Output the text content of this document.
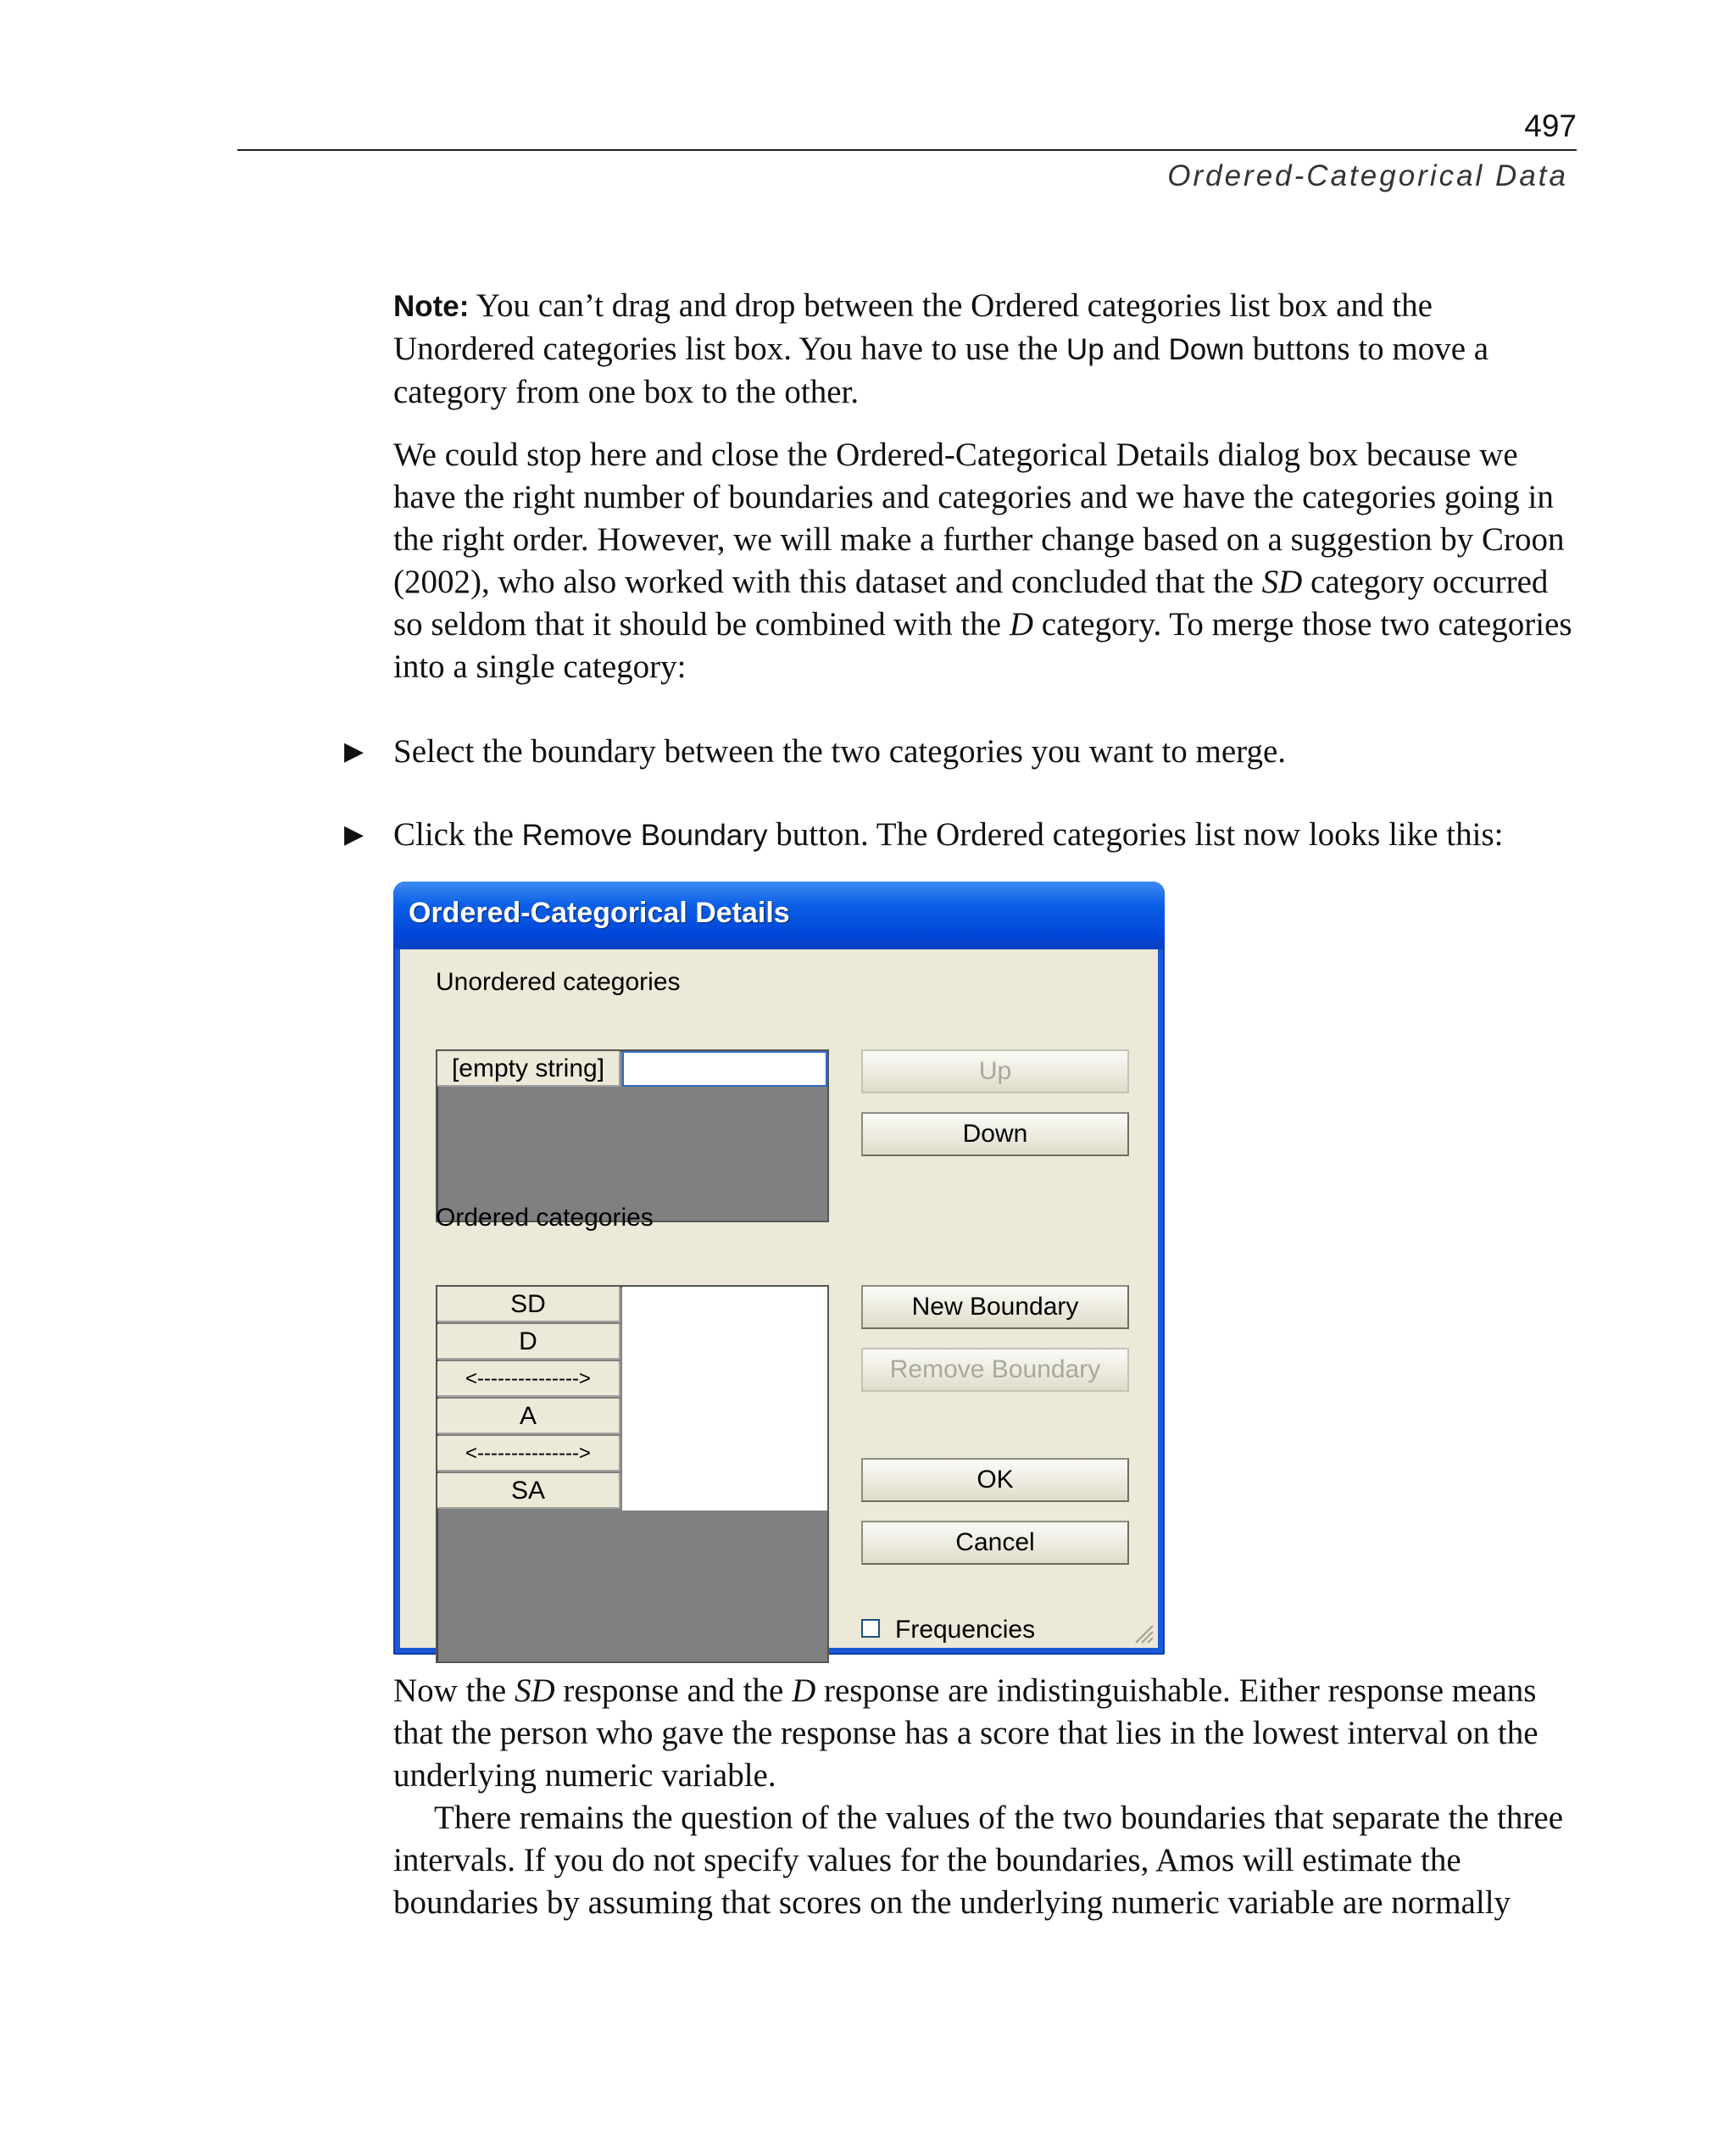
497
Ordered-Categorical Data

Note: You can’t drag and drop between the Ordered categories list box and the Unordered categories list box. You have to use the Up and Down buttons to move a category from one box to the other.

We could stop here and close the Ordered-Categorical Details dialog box because we have the right number of boundaries and categories and we have the categories going in the right order. However, we will make a further change based on a suggestion by Croon (2002), who also worked with this dataset and concluded that the SD category occurred so seldom that it should be combined with the D category. To merge those two categories into a single category:

▶ Select the boundary between the two categories you want to merge.

▶ Click the Remove Boundary button. The Ordered categories list now looks like this:

Ordered-Categorical Details
Unordered categories
[empty string]	Up
Down
Ordered categories
SD
D
<--------------->
A
<--------------->
SA
New Boundary
Remove Boundary
OK
Cancel
Frequencies

Now the SD response and the D response are indistinguishable. Either response means that the person who gave the response has a score that lies in the lowest interval on the underlying numeric variable.

There remains the question of the values of the two boundaries that separate the three intervals. If you do not specify values for the boundaries, Amos will estimate the boundaries by assuming that scores on the underlying numeric variable are normally
